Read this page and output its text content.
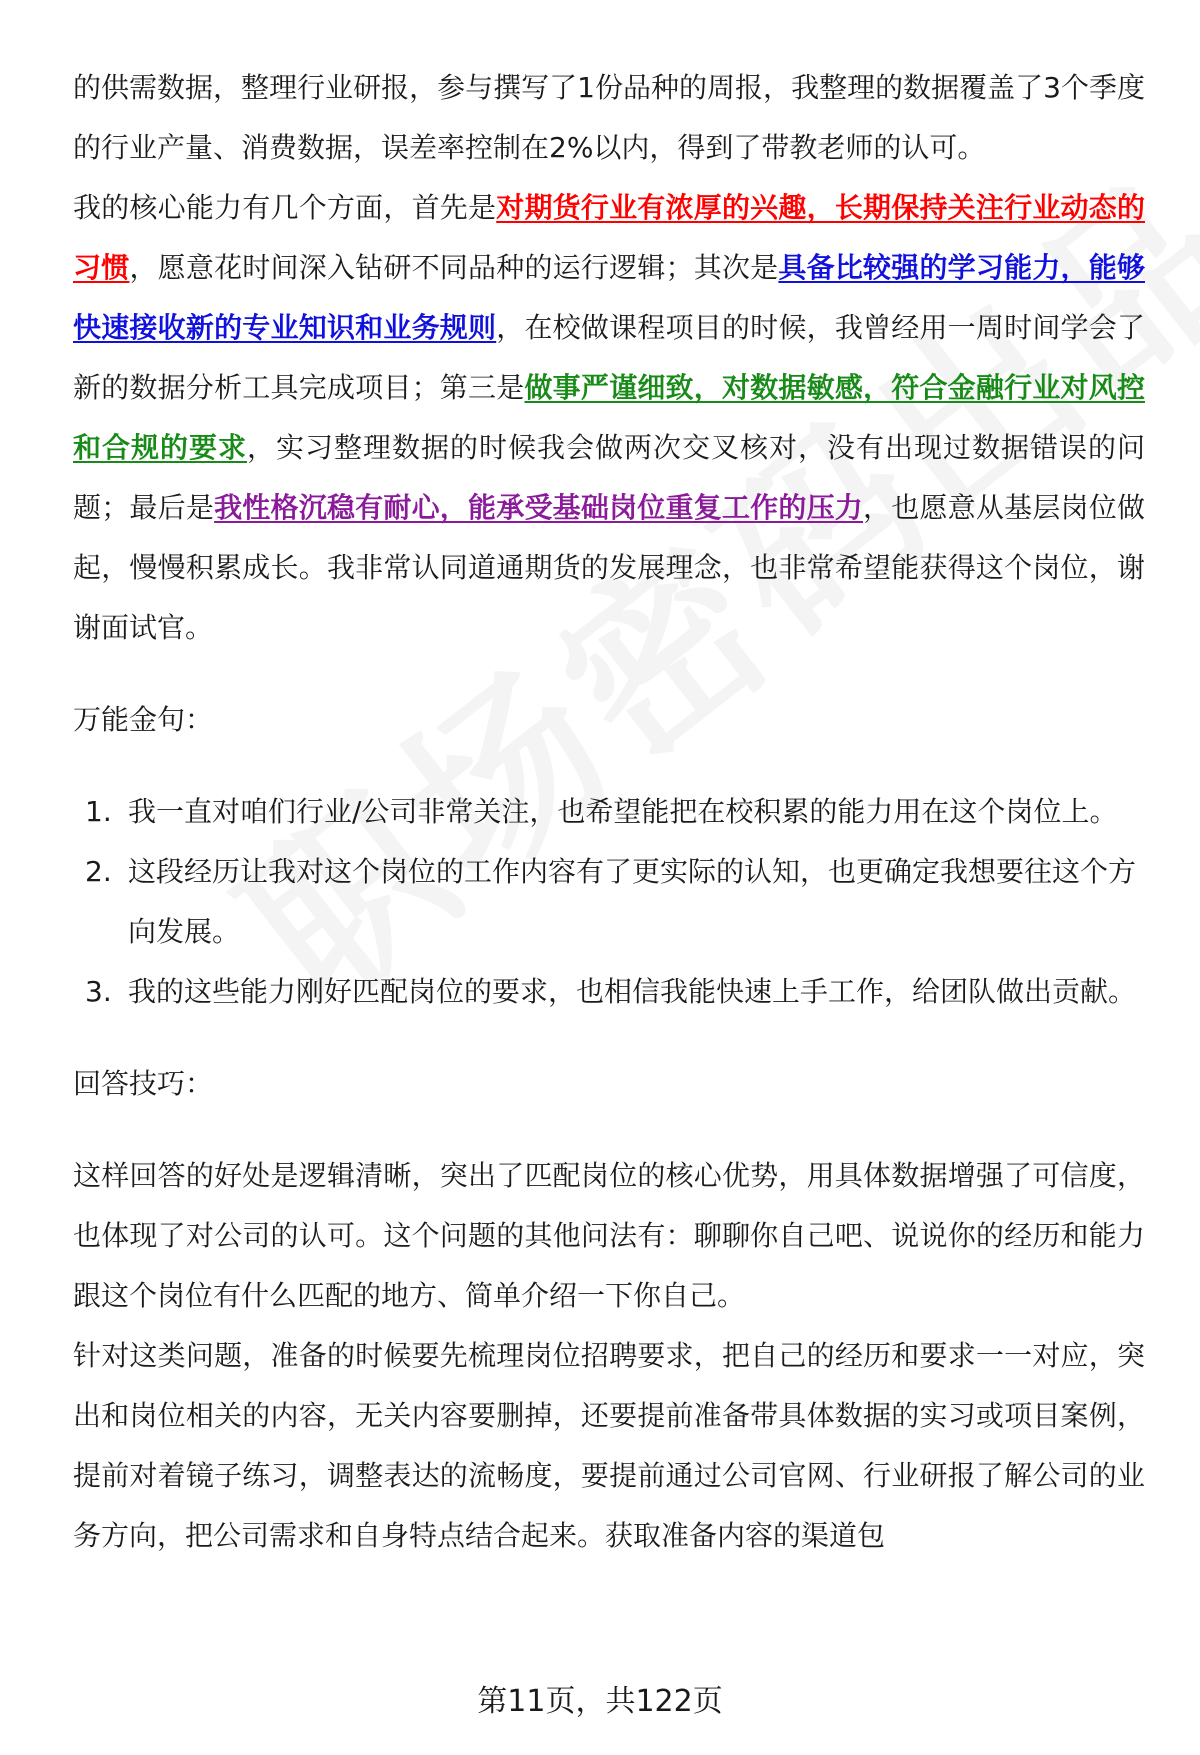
的供需数据，整理行业研报，参与撰写了1份品种的周报，我整理的数据覆盖了3个季度的行业产量、消费数据，误差率控制在2%以内，得到了带教老师的认可。

我的核心能力有几个方面，首先是对期货行业有浓厚的兴趣，长期保持关注行业动态的习惯，愿意花时间深入钻研不同品种的运行逻辑；其次是具备比较强的学习能力，能够快速接收新的专业知识和业务规则，在校做课程项目的时候，我曾经用一周时间学会了新的数据分析工具完成项目；第三是做事严谨细致，对数据敏感，符合金融行业对风控和合规的要求，实习整理数据的时候我会做两次交叉核对，没有出现过数据错误的问题；最后是我性格沉稳有耐心，能承受基础岗位重复工作的压力，也愿意从基层岗位做起，慢慢积累成长。我非常认同道通期货的发展理念，也非常希望能获得这个岗位，谢谢面试官。

万能金句：

1. 我一直对咱们行业/公司非常关注，也希望能把在校积累的能力用在这个岗位上。
2. 这段经历让我对这个岗位的工作内容有了更实际的认知，也更确定我想要往这个方向发展。
3. 我的这些能力刚好匹配岗位的要求，也相信我能快速上手工作，给团队做出贡献。

回答技巧：

这样回答的好处是逻辑清晰，突出了匹配岗位的核心优势，用具体数据增强了可信度，也体现了对公司的认可。这个问题的其他问法有：聊聊你自己吧、说说你的经历和能力跟这个岗位有什么匹配的地方、简单介绍一下你自己。

针对这类问题，准备的时候要先梳理岗位招聘要求，把自己的经历和要求一一对应，突出和岗位相关的内容，无关内容要删掉，还要提前准备带具体数据的实习或项目案例，提前对着镜子练习，调整表达的流畅度，要提前通过公司官网、行业研报了解公司的业务方向，把公司需求和自身特点结合起来。获取准备内容的渠道包

第11页，共122页
